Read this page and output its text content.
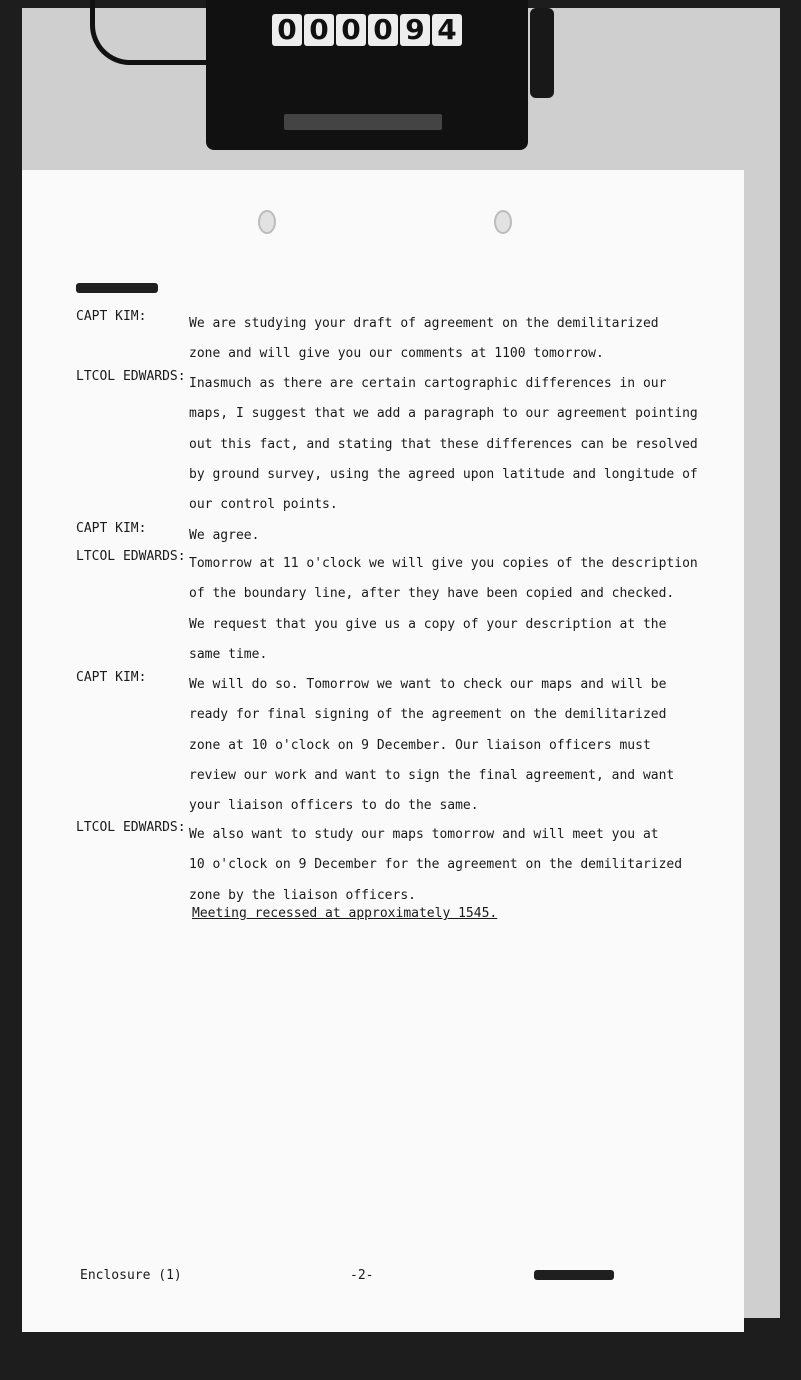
0 0 0 0 9 4
CAPT KIM:	We are studying your draft of agreement on the demilitarized
zone and will give you our comments at 1100 tomorrow.
LTCOL EDWARDS: Inasmuch as there are certain cartographic differences in our
maps, I suggest that we add a paragraph to our agreement pointing
out this fact, and stating that these differences can be resolved
by ground survey, using the agreed upon latitude and longitude of
our control points.
CAPT KIM:	We agree.
LTCOL EDWARDS: Tomorrow at 11 o'clock we will give you copies of the description
of the boundary line, after they have been copied and checked.
We request that you give us a copy of your description at the
same time.
CAPT KIM:	We will do so. Tomorrow we want to check our maps and will be
ready for final signing of the agreement on the demilitarized
zone at 10 o'clock on 9 December. Our liaison officers must
review our work and want to sign the final agreement, and want
your liaison officers to do the same.
LTCOL EDWARDS: We also want to study our maps tomorrow and will meet you at
10 o'clock on 9 December for the agreement on the demilitarized
zone by the liaison officers.
Meeting recessed at approximately 1545.
Enclosure (1)	-2-
